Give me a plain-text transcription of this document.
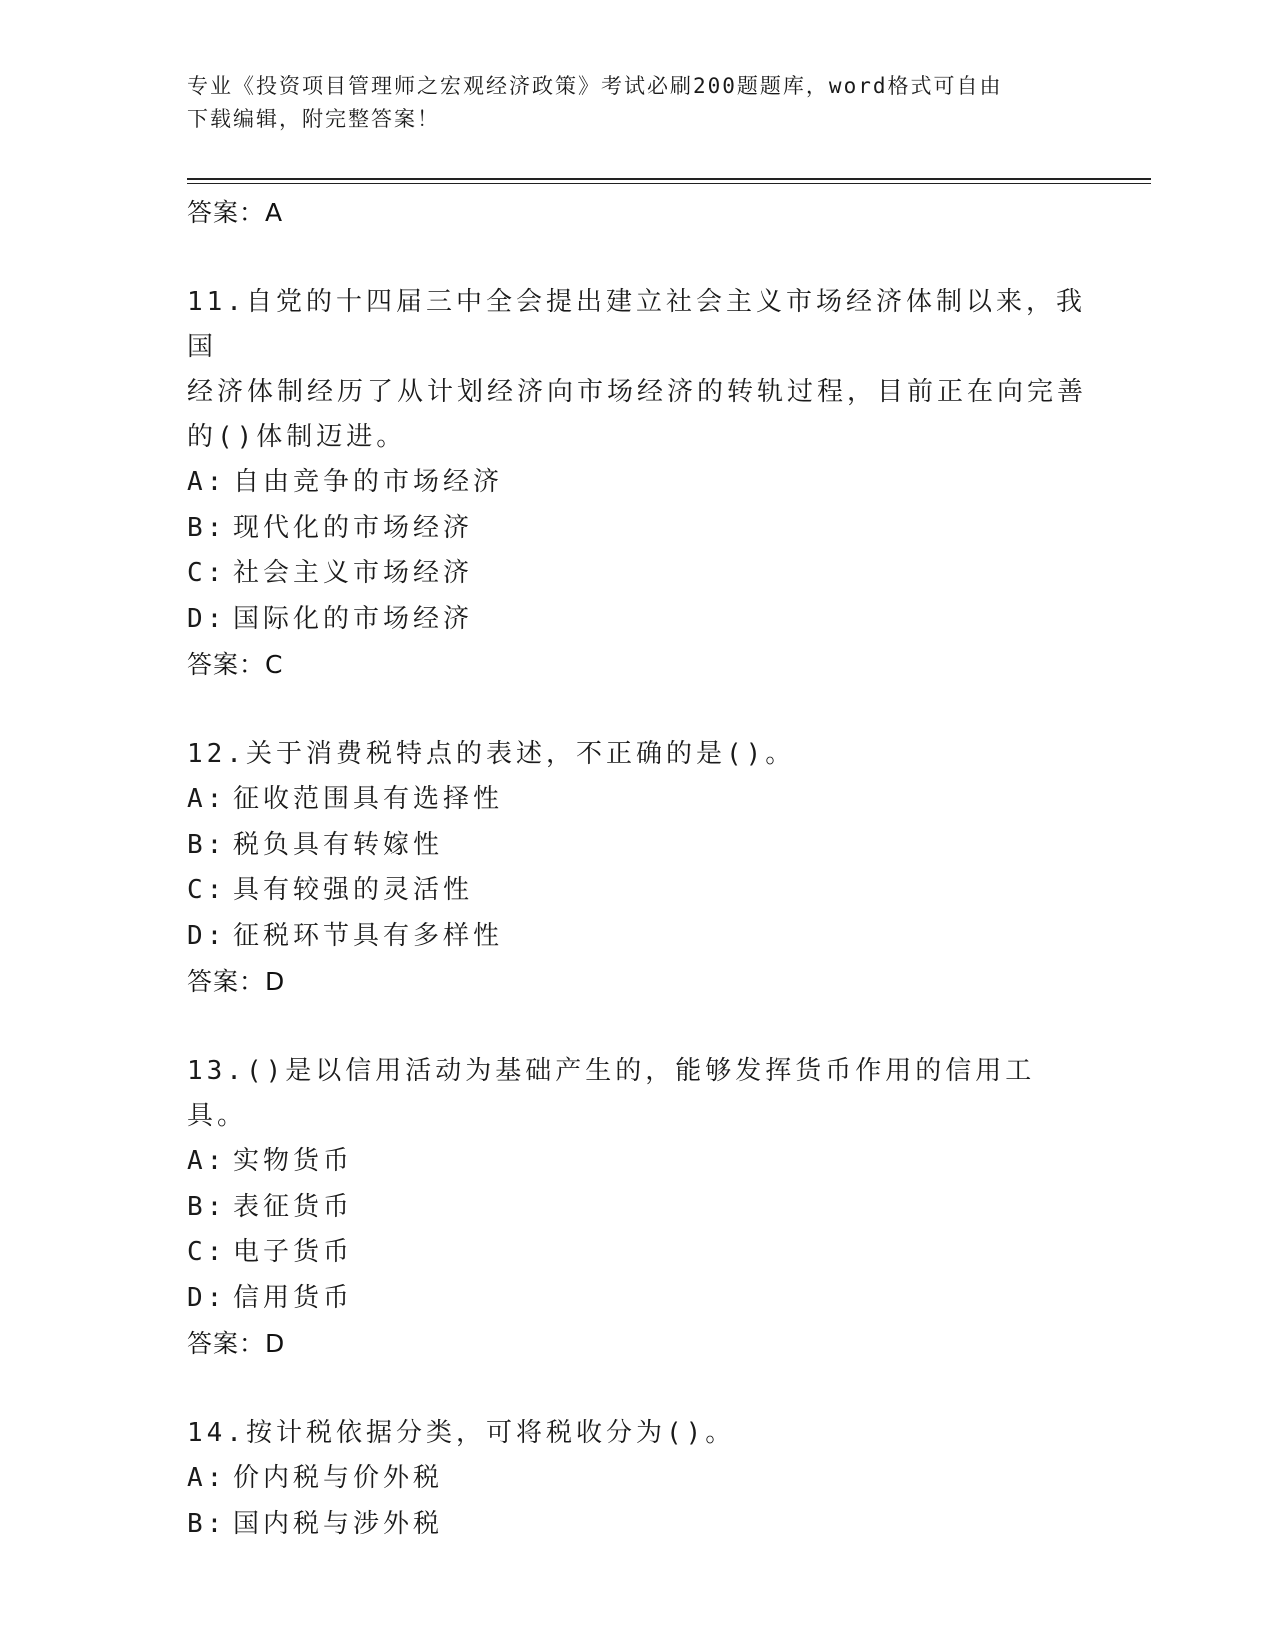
专业《投资项目管理师之宏观经济政策》考试必刷200题题库，word格式可自由
下载编辑，附完整答案！
答案：A
11.自党的十四届三中全会提出建立社会主义市场经济体制以来，我国
经济体制经历了从计划经济向市场经济的转轨过程，目前正在向完善
的()体制迈进。
A: 自由竞争的市场经济
B: 现代化的市场经济
C: 社会主义市场经济
D: 国际化的市场经济
答案：C
12.关于消费税特点的表述，不正确的是()。
A: 征收范围具有选择性
B: 税负具有转嫁性
C: 具有较强的灵活性
D: 征税环节具有多样性
答案：D
13.()是以信用活动为基础产生的，能够发挥货币作用的信用工具。
A: 实物货币
B: 表征货币
C: 电子货币
D: 信用货币
答案：D
14.按计税依据分类，可将税收分为()。
A: 价内税与价外税
B: 国内税与涉外税
